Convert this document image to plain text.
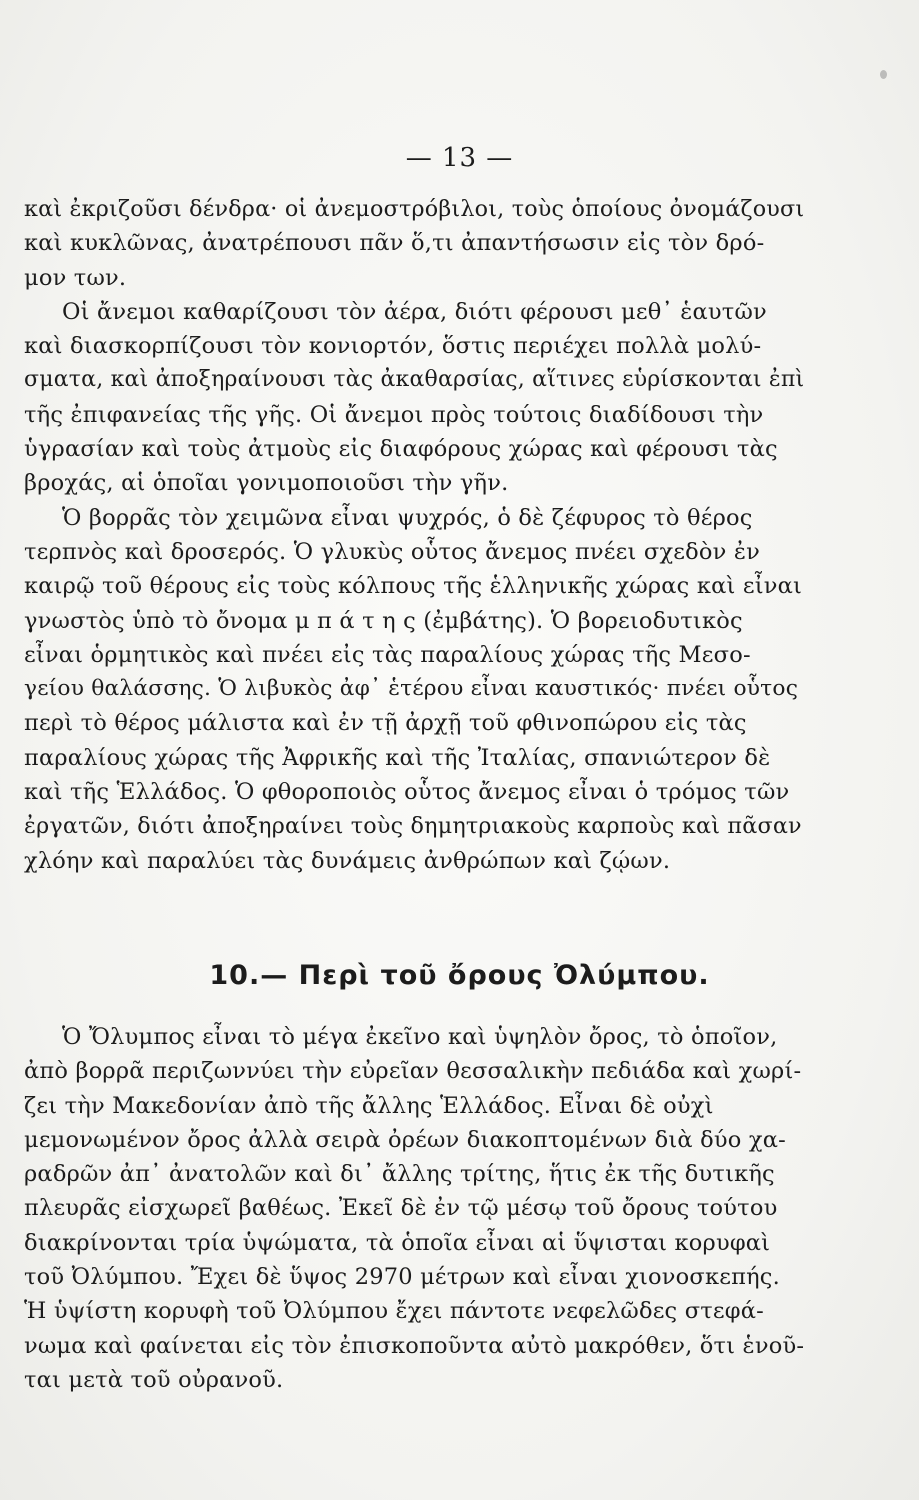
— 13 —
καὶ ἐκριζοῦσι δένδρα· οἱ ἀνεμοστρόβιλοι, τοὺς ὁποίους ὀνομάζουσι
καὶ κυκλῶνας, ἀνατρέπουσι πᾶν ὅ,τι ἀπαντήσωσιν εἰς τὸν δρό-
μον των.
Οἱ ἄνεμοι καθαρίζουσι τὸν ἀέρα, διότι φέρουσι μεθ᾿ ἑαυτῶν
καὶ διασκορπίζουσι τὸν κονιορτόν, ὅστις περιέχει πολλὰ μολύ-
σματα, καὶ ἀποξηραίνουσι τὰς ἀκαθαρσίας, αἵτινες εὑρίσκονται ἐπὶ
τῆς ἐπιφανείας τῆς γῆς. Οἱ ἄνεμοι πρὸς τούτοις διαδίδουσι τὴν
ὑγρασίαν καὶ τοὺς ἀτμοὺς εἰς διαφόρους χώρας καὶ φέρουσι τὰς
βροχάς, αἱ ὁποῖαι γονιμοποιοῦσι τὴν γῆν.
Ὁ βορρᾶς τὸν χειμῶνα εἶναι ψυχρός, ὁ δὲ ζέφυρος τὸ θέρος
τερπνὸς καὶ δροσερός. Ὁ γλυκὺς οὗτος ἄνεμος πνέει σχεδὸν ἐν
καιρῷ τοῦ θέρους εἰς τοὺς κόλπους τῆς ἑλληνικῆς χώρας καὶ εἶναι
γνωστὸς ὑπὸ τὸ ὄνομα μ π ά τ η ς (ἐμβάτης). Ὁ βορειοδυτικὸς
εἶναι ὁρμητικὸς καὶ πνέει εἰς τὰς παραλίους χώρας τῆς Μεσο-
γείου θαλάσσης. Ὁ λιβυκὸς ἀφ᾿ ἑτέρου εἶναι καυστικός· πνέει οὗτος
περὶ τὸ θέρος μάλιστα καὶ ἐν τῇ ἀρχῇ τοῦ φθινοπώρου εἰς τὰς
παραλίους χώρας τῆς Ἀφρικῆς καὶ τῆς Ἰταλίας, σπανιώτερον δὲ
καὶ τῆς Ἑλλάδος. Ὁ φθοροποιὸς οὗτος ἄνεμος εἶναι ὁ τρόμος τῶν
ἐργατῶν, διότι ἀποξηραίνει τοὺς δημητριακοὺς καρποὺς καὶ πᾶσαν
χλόην καὶ παραλύει τὰς δυνάμεις ἀνθρώπων καὶ ζῴων.
10.— Περὶ τοῦ ὄρους Ὀλύμπου.
Ὁ Ὄλυμπος εἶναι τὸ μέγα ἐκεῖνο καὶ ὑψηλὸν ὄρος, τὸ ὁποῖον,
ἀπὸ βορρᾶ περιζωννύει τὴν εὐρεῖαν θεσσαλικὴν πεδιάδα καὶ χωρί-
ζει τὴν Μακεδονίαν ἀπὸ τῆς ἄλλης Ἑλλάδος. Εἶναι δὲ οὐχὶ
μεμονωμένον ὄρος ἀλλὰ σειρὰ ὀρέων διακοπτομένων διὰ δύο χα-
ραδρῶν ἀπ᾿ ἀνατολῶν καὶ δι᾿ ἄλλης τρίτης, ἥτις ἐκ τῆς δυτικῆς
πλευρᾶς εἰσχωρεῖ βαθέως. Ἐκεῖ δὲ ἐν τῷ μέσῳ τοῦ ὄρους τούτου
διακρίνονται τρία ὑψώματα, τὰ ὁποῖα εἶναι αἱ ὕψισται κορυφαὶ
τοῦ Ὀλύμπου. Ἔχει δὲ ὕψος 2970 μέτρων καὶ εἶναι χιονοσκεπής.
Ἡ ὑψίστη κορυφὴ τοῦ Ὀλύμπου ἔχει πάντοτε νεφελῶδες στεφά-
νωμα καὶ φαίνεται εἰς τὸν ἐπισκοποῦντα αὐτὸ μακρόθεν, ὅτι ἑνοῦ-
ται μετὰ τοῦ οὐρανοῦ.
